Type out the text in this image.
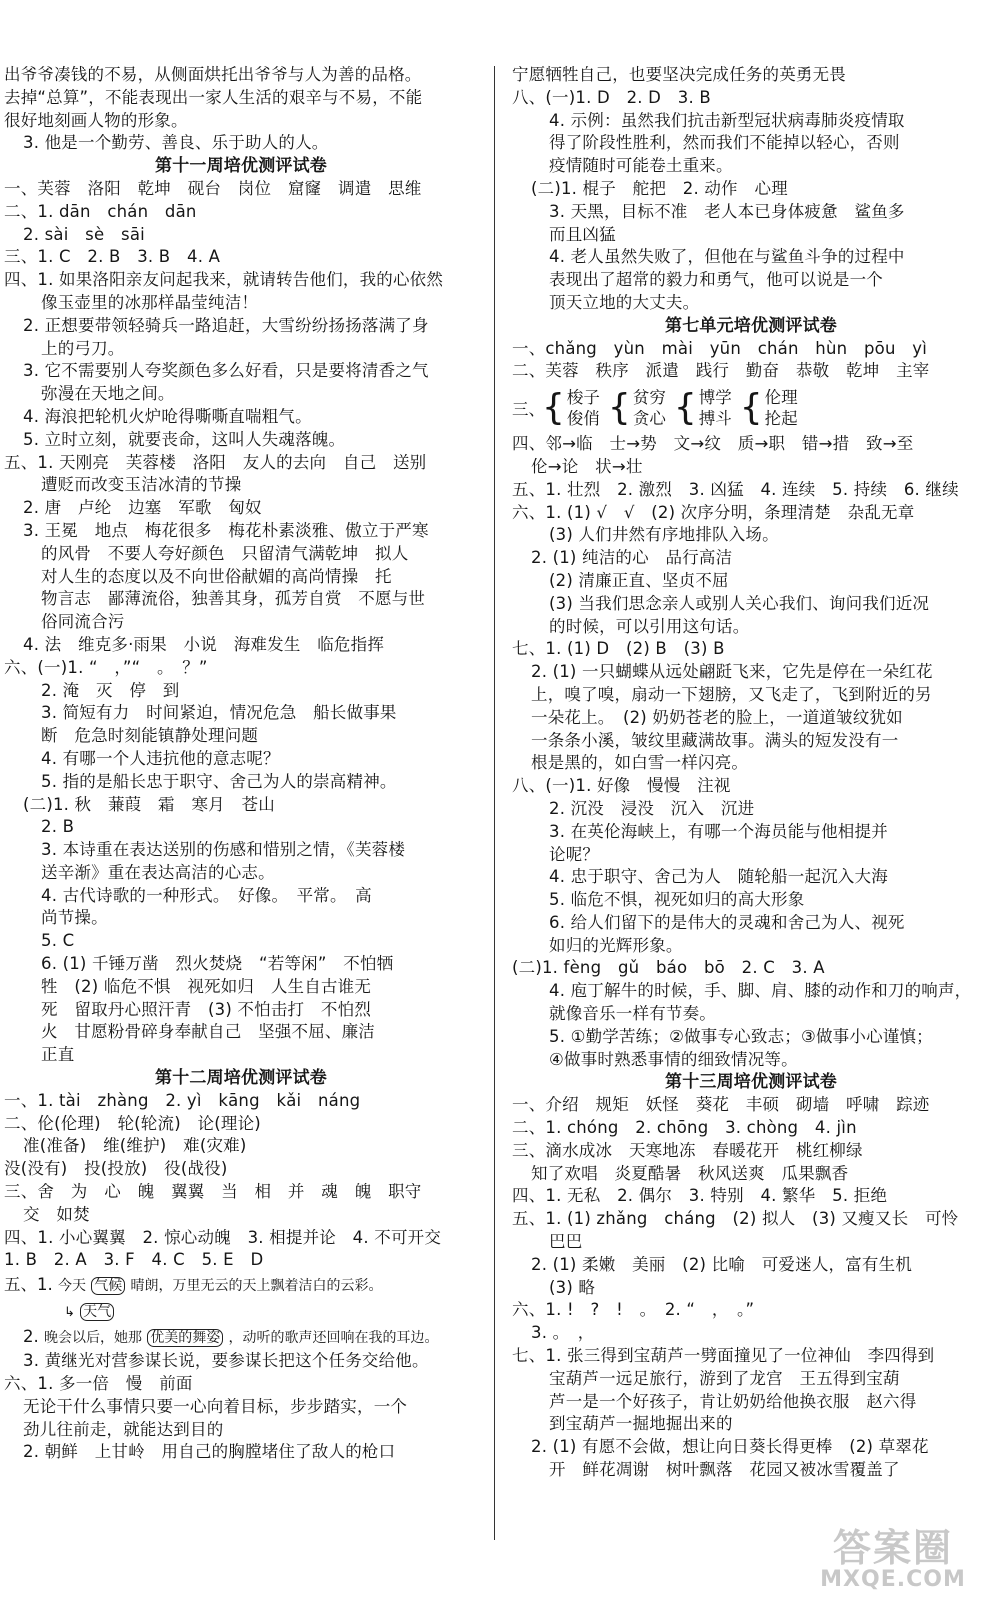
出爷爷凑钱的不易，从侧面烘托出爷爷与人为善的品格。
去掉“总算”，不能表现出一家人生活的艰辛与不易，不能
很好地刻画人物的形象。
3. 他是一个勤劳、善良、乐于助人的人。
第十一周培优测评试卷
一、芙蓉　洛阳　乾坤　砚台　岗位　窟窿　调遣　思维
二、1. dān　chán　dān
2. sài　sè　sāi
三、1. C　2. B　3. B　4. A
四、1. 如果洛阳亲友问起我来，就请转告他们，我的心依然
像玉壶里的冰那样晶莹纯洁！
2. 正想要带领轻骑兵一路追赶，大雪纷纷扬扬落满了身
上的弓刀。
3. 它不需要别人夸奖颜色多么好看，只是要将清香之气
弥漫在天地之间。
4. 海浪把轮机火炉呛得嘶嘶直喘粗气。
5. 立时立刻，就要丧命，这叫人失魂落魄。
五、1. 天刚亮　芙蓉楼　洛阳　友人的去向　自己　送别
遭贬而改变玉洁冰清的节操
2. 唐　卢纶　边塞　军歌　匈奴
3. 王冕　地点　梅花很多　梅花朴素淡雅、傲立于严寒
的风骨　不要人夸好颜色　只留清气满乾坤　拟人
对人生的态度以及不向世俗献媚的高尚情操　托
物言志　鄙薄流俗，独善其身，孤芳自赏　不愿与世
俗同流合污
4. 法　维克多·雨果　小说　海难发生　临危指挥
六、(一)1. “　，”“　。　？”
2. 淹　灭　停　到
3. 简短有力　时间紧迫，情况危急　船长做事果
断　危急时刻能镇静处理问题
4. 有哪一个人违抗他的意志呢？
5. 指的是船长忠于职守、舍己为人的崇高精神。
(二)1. 秋　蒹葭　霜　寒月　苍山
2. B
3. 本诗重在表达送别的伤感和惜别之情，《芙蓉楼
送辛渐》重在表达高洁的心志。
4. 古代诗歌的一种形式。　好像。　平常。　高
尚节操。
5. C
6. (1) 千锤万凿　烈火焚烧　“若等闲”　不怕牺
牲　(2) 临危不惧　视死如归　人生自古谁无
死　留取丹心照汗青　(3) 不怕击打　不怕烈
火　甘愿粉骨碎身奉献自己　坚强不屈、廉洁
正直
第十二周培优测评试卷
一、1. tài　zhàng　2. yì　kāng　kǎi　náng
二、伦(伦理)　轮(轮流)　论(理论)
准(准备)　维(维护)　难(灾难)
没(没有)　投(投放)　役(战役)
三、舍　为　心　魄　翼翼　当　相　并　魂　魄　职守
交　如焚
四、1. 小心翼翼　2. 惊心动魄　3. 相提并论　4. 不可开交
1. B　2. A　3. F　4. C　5. E　D
五、1. 今天 气候 晴朗，万里无云的天上飘着洁白的云彩。
↳ 天气
2. 晚会以后，她那 优美的舞姿 ，动听的歌声还回响在我的耳边。
3. 黄继光对营参谋长说，要参谋长把这个任务交给他。
六、1. 多一倍　慢　前面
无论干什么事情只要一心向着目标，步步踏实，一个
劲儿往前走，就能达到目的
2. 朝鲜　上甘岭　用自己的胸膛堵住了敌人的枪口
宁愿牺牲自己，也要坚决完成任务的英勇无畏
八、(一)1. D　2. D　3. B
4. 示例：虽然我们抗击新型冠状病毒肺炎疫情取
得了阶段性胜利，然而我们不能掉以轻心，否则
疫情随时可能卷土重来。
(二)1. 棍子　舵把　2. 动作　心理
3. 天黑，目标不准　老人本已身体疲惫　鲨鱼多
而且凶猛
4. 老人虽然失败了，但他在与鲨鱼斗争的过程中
表现出了超常的毅力和勇气，他可以说是一个
顶天立地的大丈夫。
第七单元培优测评试卷
一、chǎng　yùn　mài　yūn　chán　hùn　pōu　yì
二、芙蓉　秩序　派遣　践行　勤奋　恭敬　乾坤　主宰
三、
{ 梭子
俊俏 { 贫穷
贪心 { 博学
搏斗 { 伦理
抡起
四、邻→临　士→势　文→纹　质→职　错→措　致→至
伦→论　状→壮
五、1. 壮烈　2. 激烈　3. 凶猛　4. 连续　5. 持续　6. 继续
六、1. (1) √　√　(2) 次序分明，条理清楚　杂乱无章
(3) 人们井然有序地排队入场。
2. (1) 纯洁的心　品行高洁
(2) 清廉正直、坚贞不屈
(3) 当我们思念亲人或别人关心我们、询问我们近况
的时候，可以引用这句话。
七、1. (1) D　(2) B　(3) B
2. (1) 一只蝴蝶从远处翩跹飞来，它先是停在一朵红花
上，嗅了嗅，扇动一下翅膀，又飞走了，飞到附近的另
一朵花上。　(2) 奶奶苍老的脸上，一道道皱纹犹如
一条条小溪，皱纹里藏满故事。满头的短发没有一
根是黑的，如白雪一样闪亮。
八、(一)1. 好像　慢慢　注视
2. 沉没　浸没　沉入　沉进
3. 在英伦海峡上，有哪一个海员能与他相提并
论呢？
4. 忠于职守、舍己为人　随轮船一起沉入大海
5. 临危不惧，视死如归的高大形象
6. 给人们留下的是伟大的灵魂和舍己为人、视死
如归的光辉形象。
(二)1. fèng　gǔ　báo　bō　2. C　3. A
4. 庖丁解牛的时候，手、脚、肩、膝的动作和刀的响声，
就像音乐一样有节奏。
5. ①勤学苦练；②做事专心致志；③做事小心谨慎；
④做事时熟悉事情的细致情况等。
第十三周培优测评试卷
一、介绍　规矩　妖怪　葵花　丰硕　砌墙　呼啸　踪迹
二、1. chóng　2. chōng　3. chòng　4. jìn
三、滴水成冰　天寒地冻　春暖花开　桃红柳绿
知了欢唱　炎夏酷暑　秋风送爽　瓜果飘香
四、1. 无私　2. 偶尔　3. 特别　4. 繁华　5. 拒绝
五、1. (1) zhǎng　cháng　(2) 拟人　(3) 又瘦又长　可怜
巴巴
2. (1) 柔嫩　美丽　(2) 比喻　可爱迷人，富有生机
(3) 略
六、1. !　?　!　。　2. “　，　。”
3. 。　，
七、1. 张三得到宝葫芦一劈面撞见了一位神仙　李四得到
宝葫芦一远足旅行，游到了龙宫　王五得到宝葫
芦一是一个好孩子，肯让奶奶给他换衣服　赵六得
到宝葫芦一掘地掘出来的
2. (1) 有愿不会做，想让向日葵长得更棒　(2) 草翠花
开　鲜花凋谢　树叶飘落　花园又被冰雪覆盖了
答案圈
MXQE.COM
